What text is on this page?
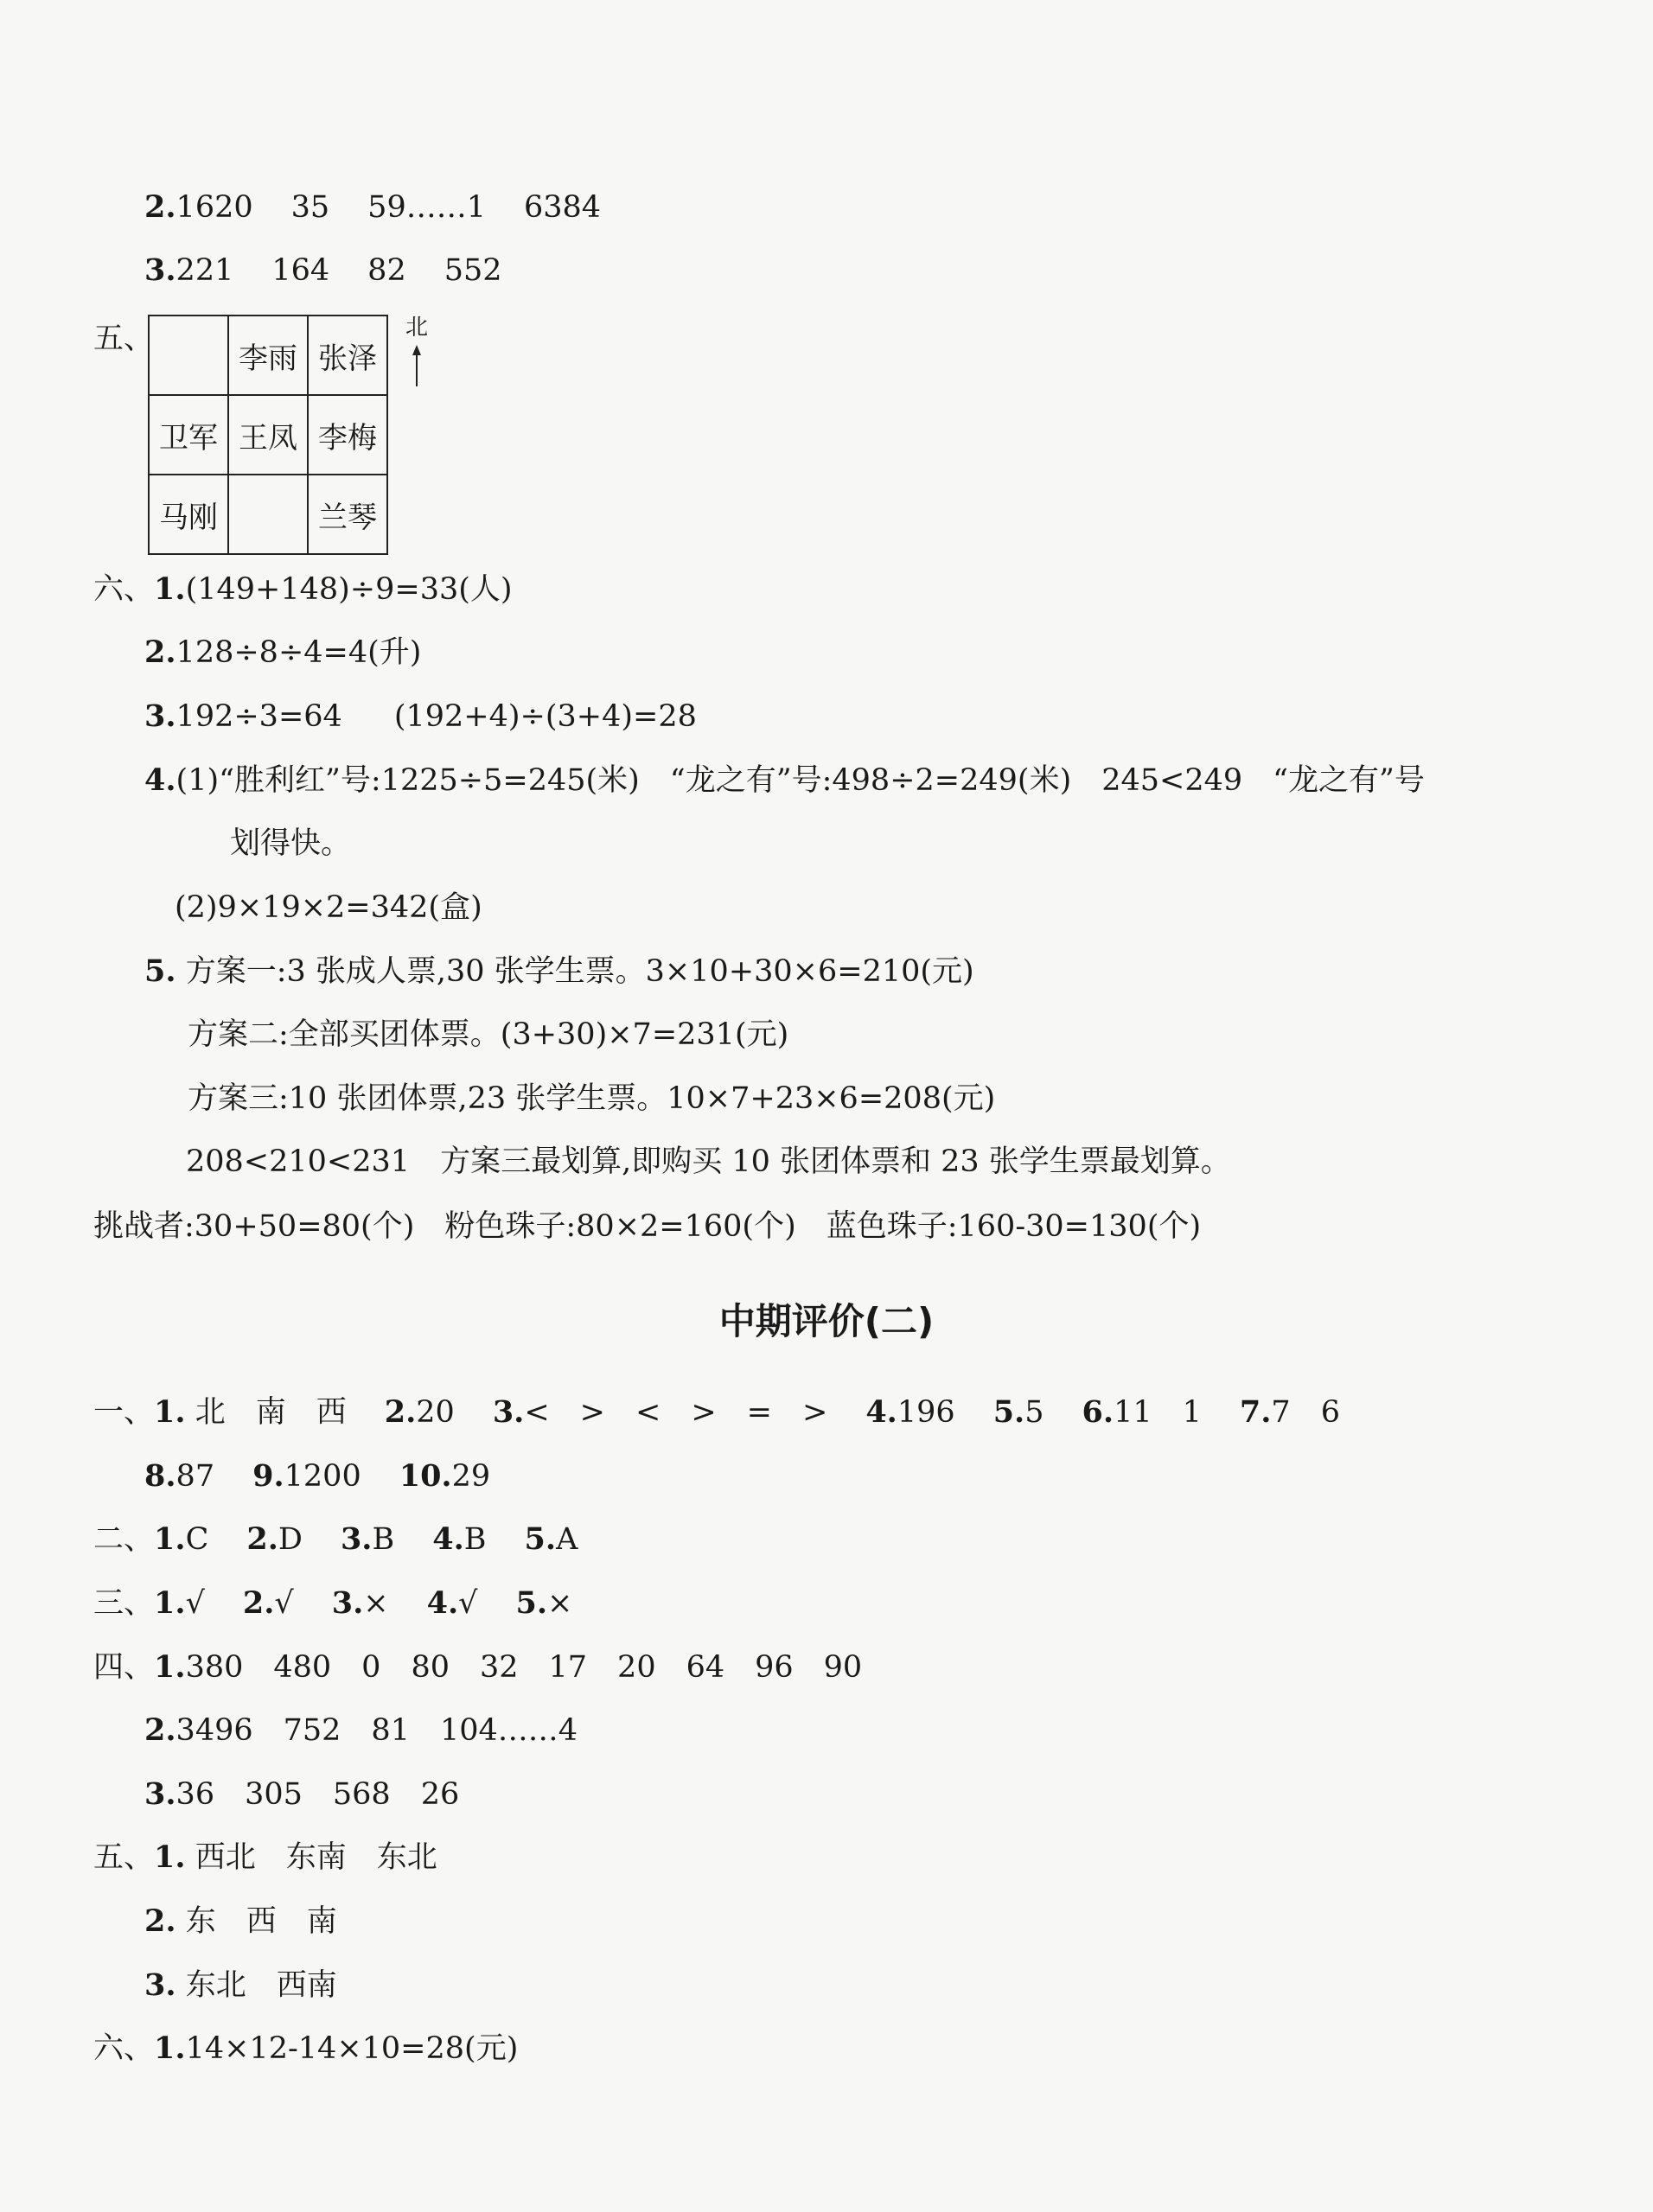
2.1620 35 59……1 6384
3.221 164 82 552
五、
	李雨	张泽
卫军	王凤	李梅
马刚		兰琴
北
六、1.(149+148)÷9=33(人)
2.128÷8÷4=4(升)
3.192÷3=64 (192+4)÷(3+4)=28
4.(1)“胜利红”号:1225÷5=245(米)　“龙之有”号:498÷2=249(米)　245<249　“龙之有”号
划得快。
(2)9×19×2=342(盒)
5. 方案一:3 张成人票,30 张学生票。3×10+30×6=210(元)
方案二:全部买团体票。(3+30)×7=231(元)
方案三:10 张团体票,23 张学生票。10×7+23×6=208(元)
208<210<231　方案三最划算,即购买 10 张团体票和 23 张学生票最划算。
挑战者:30+50=80(个)　粉色珠子:80×2=160(个)　蓝色珠子:160-30=130(个)
中期评价(二)
一、1. 北　南　西 2.20 3.<　>　<　>　=　> 4.196 5.5 6.11　1 7.7　6
8.87 9.1200 10.29
二、1.C 2.D 3.B 4.B 5.A
三、1.√ 2.√ 3.× 4.√ 5.×
四、1.380　480　0　80　32　17　20　64　96　90
2.3496　752　81　104……4
3.36　305　568　26
五、1. 西北　东南　东北
2. 东　西　南
3. 东北　西南
六、1.14×12-14×10=28(元)
